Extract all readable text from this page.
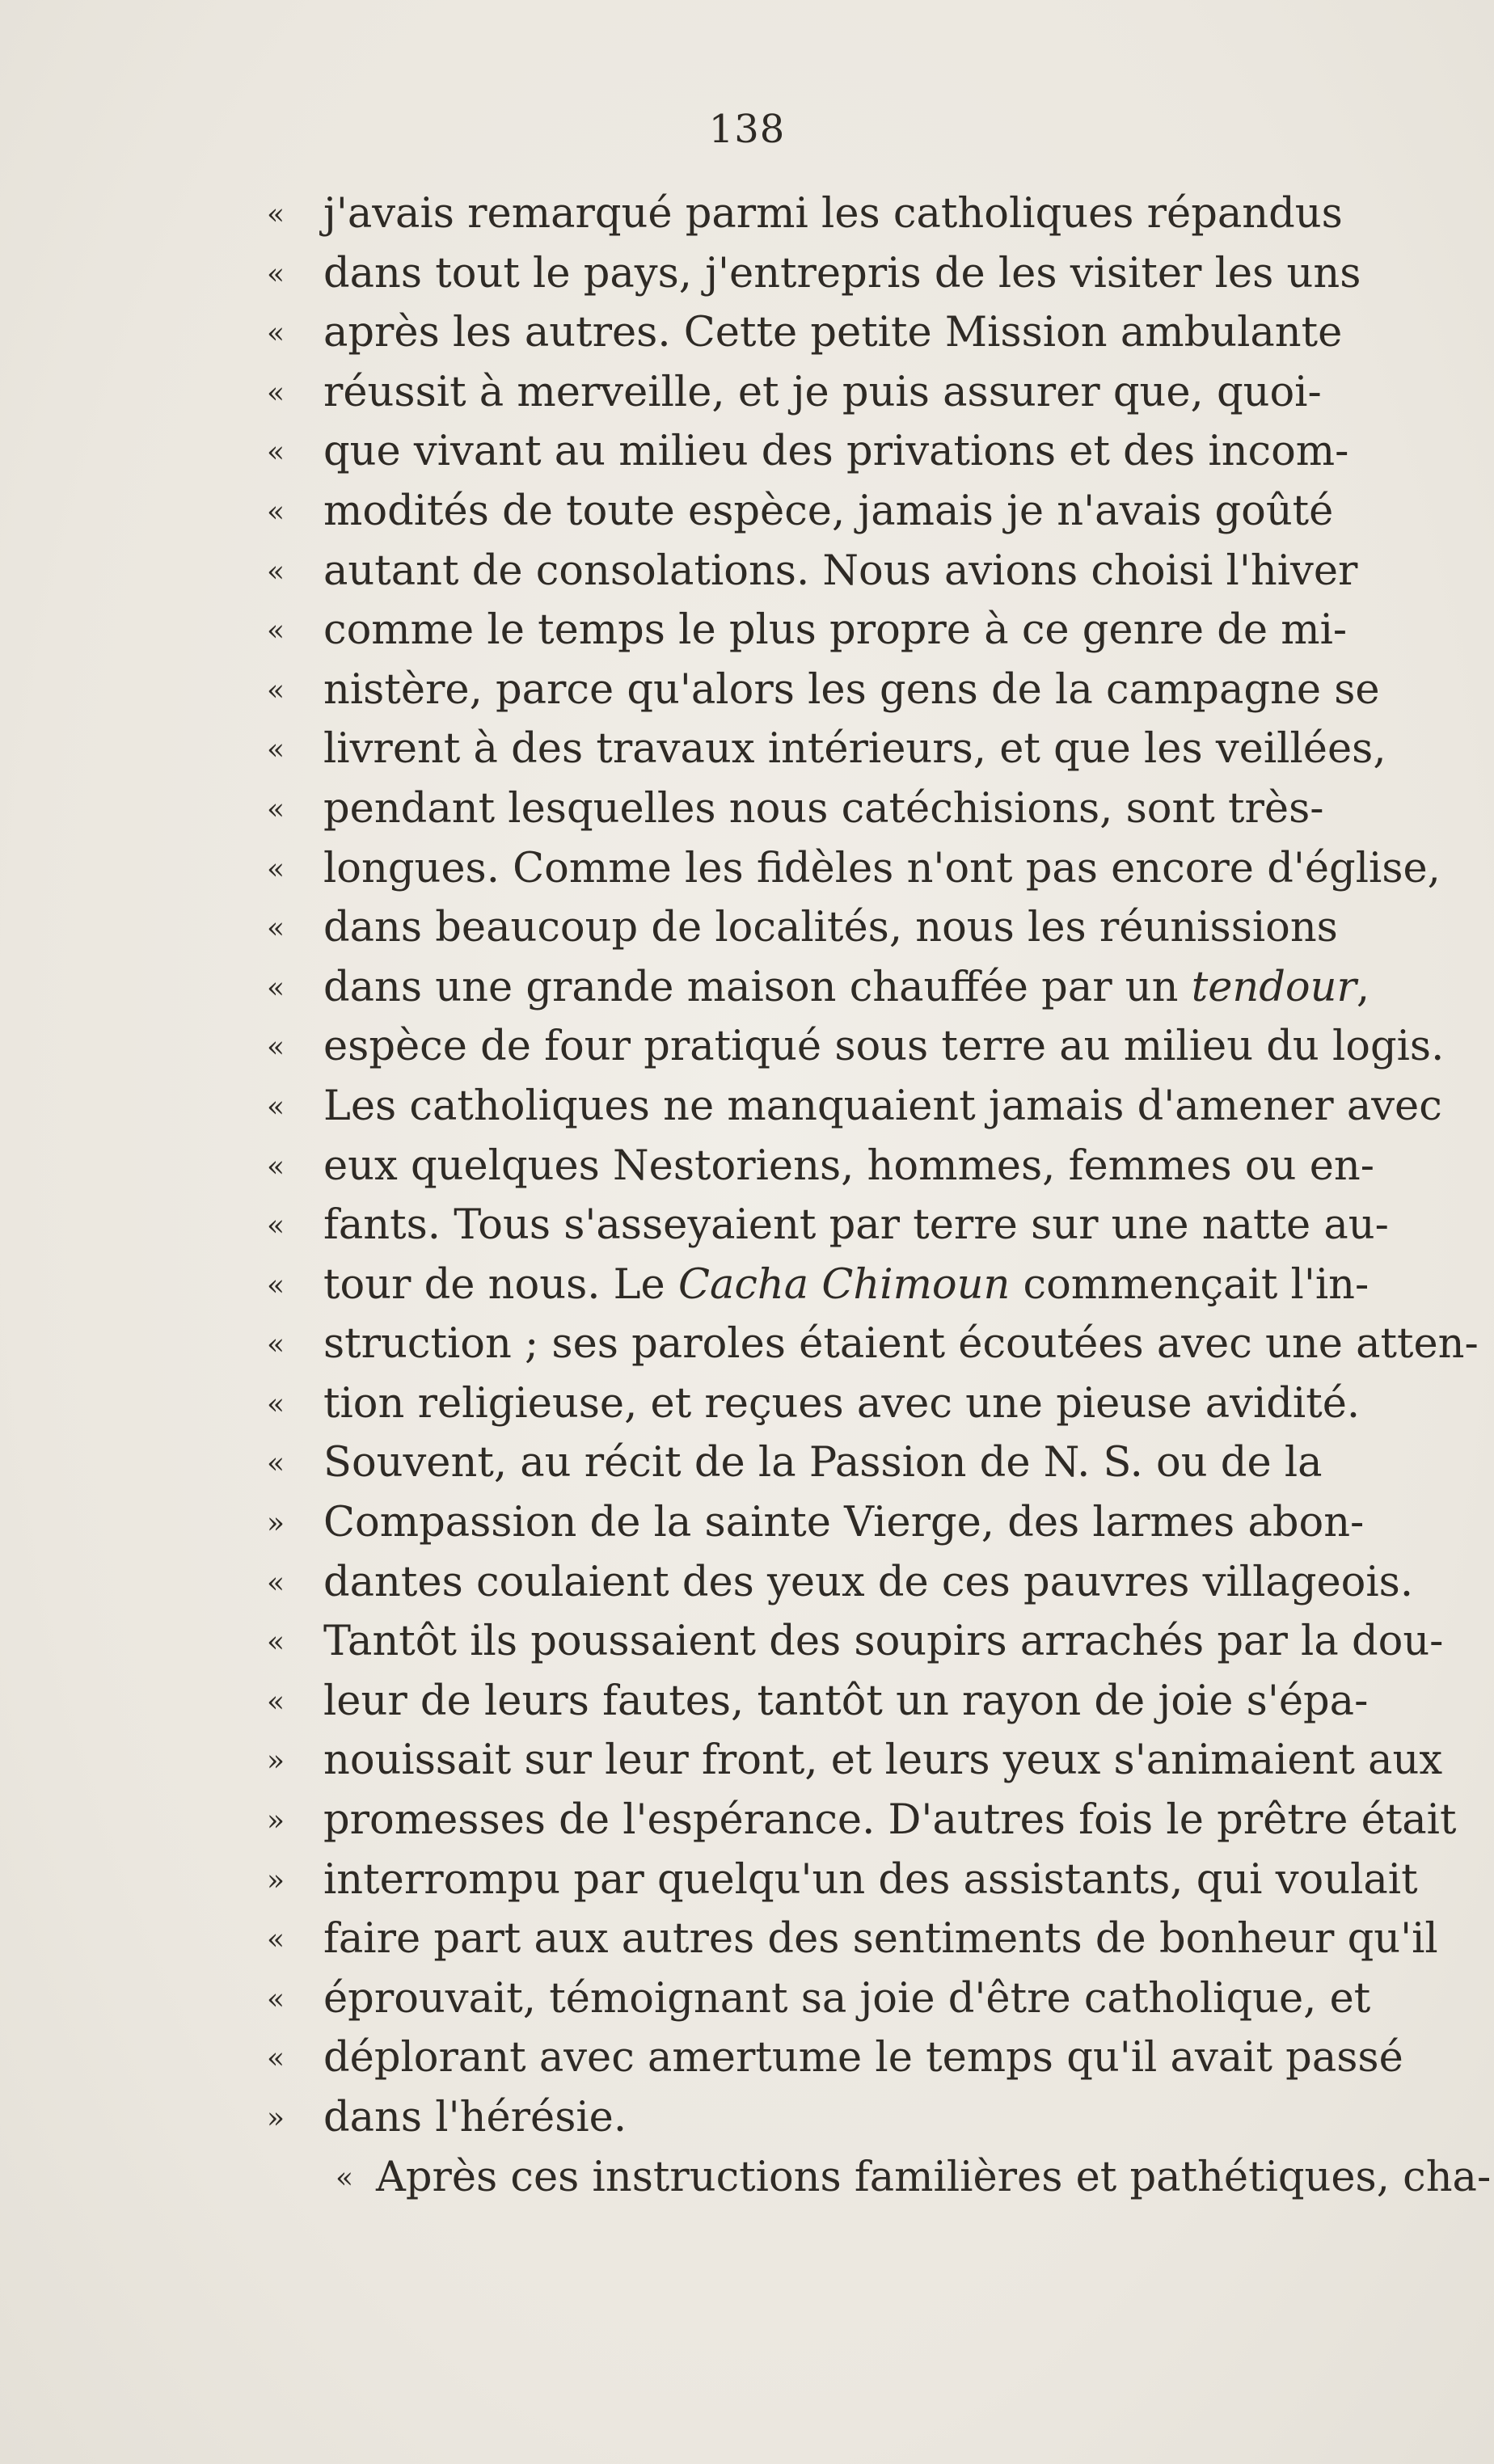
138
« j'avais remarqué parmi les catholiques répandus
« dans tout le pays, j'entrepris de les visiter les uns
« après les autres. Cette petite Mission ambulante
« réussit à merveille, et je puis assurer que, quoi-
« que vivant au milieu des privations et des incom-
« modités de toute espèce, jamais je n'avais goûté
« autant de consolations. Nous avions choisi l'hiver
« comme le temps le plus propre à ce genre de mi-
« nistère, parce qu'alors les gens de la campagne se
« livrent à des travaux intérieurs, et que les veillées,
« pendant lesquelles nous catéchisions, sont très-
« longues. Comme les fidèles n'ont pas encore d'église,
« dans beaucoup de localités, nous les réunissions
« dans une grande maison chauffée par un tendour,
« espèce de four pratiqué sous terre au milieu du logis.
« Les catholiques ne manquaient jamais d'amener avec
« eux quelques Nestoriens, hommes, femmes ou en-
« fants. Tous s'asseyaient par terre sur une natte au-
« tour de nous. Le Cacha Chimoun commençait l'in-
« struction ; ses paroles étaient écoutées avec une atten-
« tion religieuse, et reçues avec une pieuse avidité.
« Souvent, au récit de la Passion de N. S. ou de la
» Compassion de la sainte Vierge, des larmes abon-
« dantes coulaient des yeux de ces pauvres villageois.
« Tantôt ils poussaient des soupirs arrachés par la dou-
« leur de leurs fautes, tantôt un rayon de joie s'épa-
» nouissait sur leur front, et leurs yeux s'animaient aux
» promesses de l'espérance. D'autres fois le prêtre était
» interrompu par quelqu'un des assistants, qui voulait
« faire part aux autres des sentiments de bonheur qu'il
« éprouvait, témoignant sa joie d'être catholique, et
« déplorant avec amertume le temps qu'il avait passé
» dans l'hérésie.
« Après ces instructions familières et pathétiques, cha-
